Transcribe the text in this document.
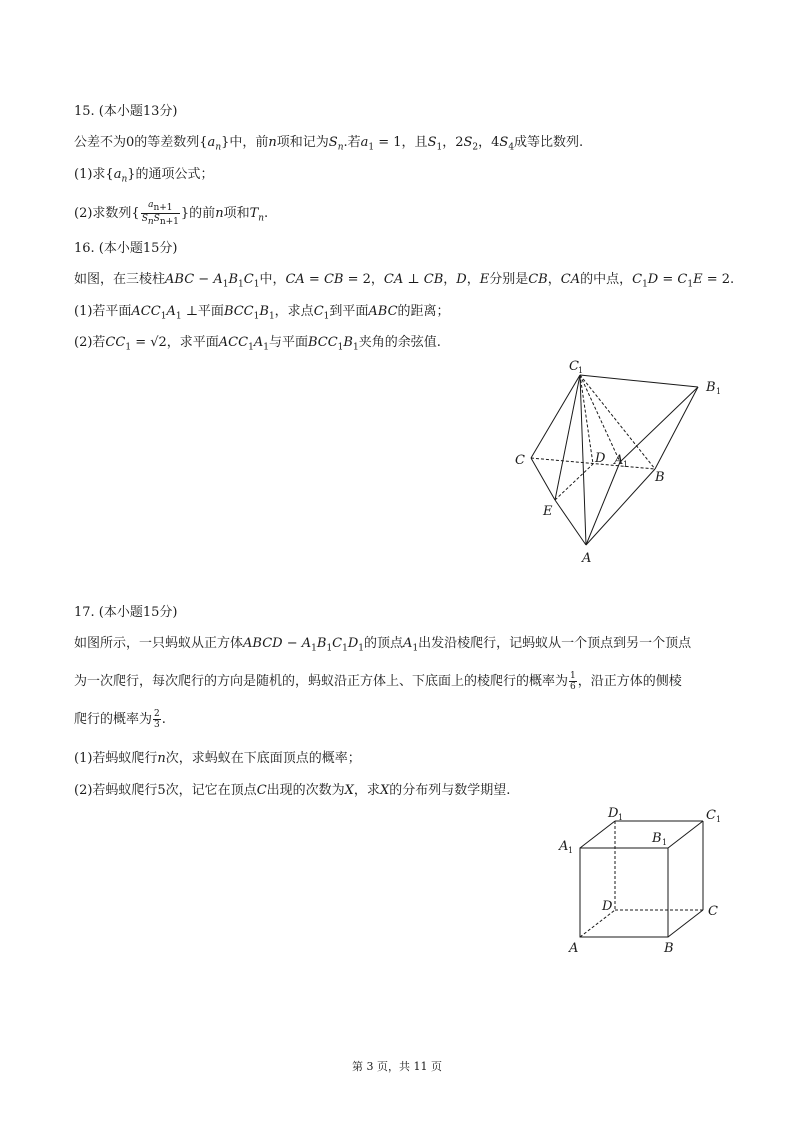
15. (本小题13分)
公差不为0的等差数列$\{a_n\}$中，前n项和记为$S_n$.若$a_1 = 1$，且$S_1$，$2S_2$，$4S_4$成等比数列.
(1)求$\{a_n\}$的通项公式；
(2)求数列{ $\frac{a_{n+1}}{S_nS_{n+1}}$ }的前n项和$T_n$.
16. (本小题15分)
如图，在三棱柱ABC − $A_1B_1C_1$中，CA = CB = 2，CA ⊥ CB，D，E分别是CB，CA的中点，$C_1D = C_1E = 2$.
(1)若平面$ACC_1A_1$ ⊥平面$BCC_1B_1$，求点$C_1$到平面ABC的距离；
(2)若$CC_1 = √2$，求平面$ACC_1A_1$与平面$BCC_1B_1$夹角的余弦值.
C 1
B 1
C	D A 1
B
E
A
17. (本小题15分)
如图所示，一只蚂蚁从正方体ABCD − $A_1B_1C_1D_1$的顶点$A_1$出发沿棱爬行，记蚂蚁从一个顶点到另一个顶点
为一次爬行，每次爬行的方向是随机的，蚂蚁沿正方体上、下底面上的棱爬行的概率为 $\frac{1}{6}$ ，沿正方体的侧棱
爬行的概率为 $\frac{2}{3}$ .
(1)若蚂蚁爬行n次，求蚂蚁在下底面顶点的概率；
(2)若蚂蚁爬行5次，记它在顶点C出现的次数为X，求X的分布列与数学期望.
D 1	C 1
A 1
B 1
D	C
A	B
第 3 页，共 11 页
